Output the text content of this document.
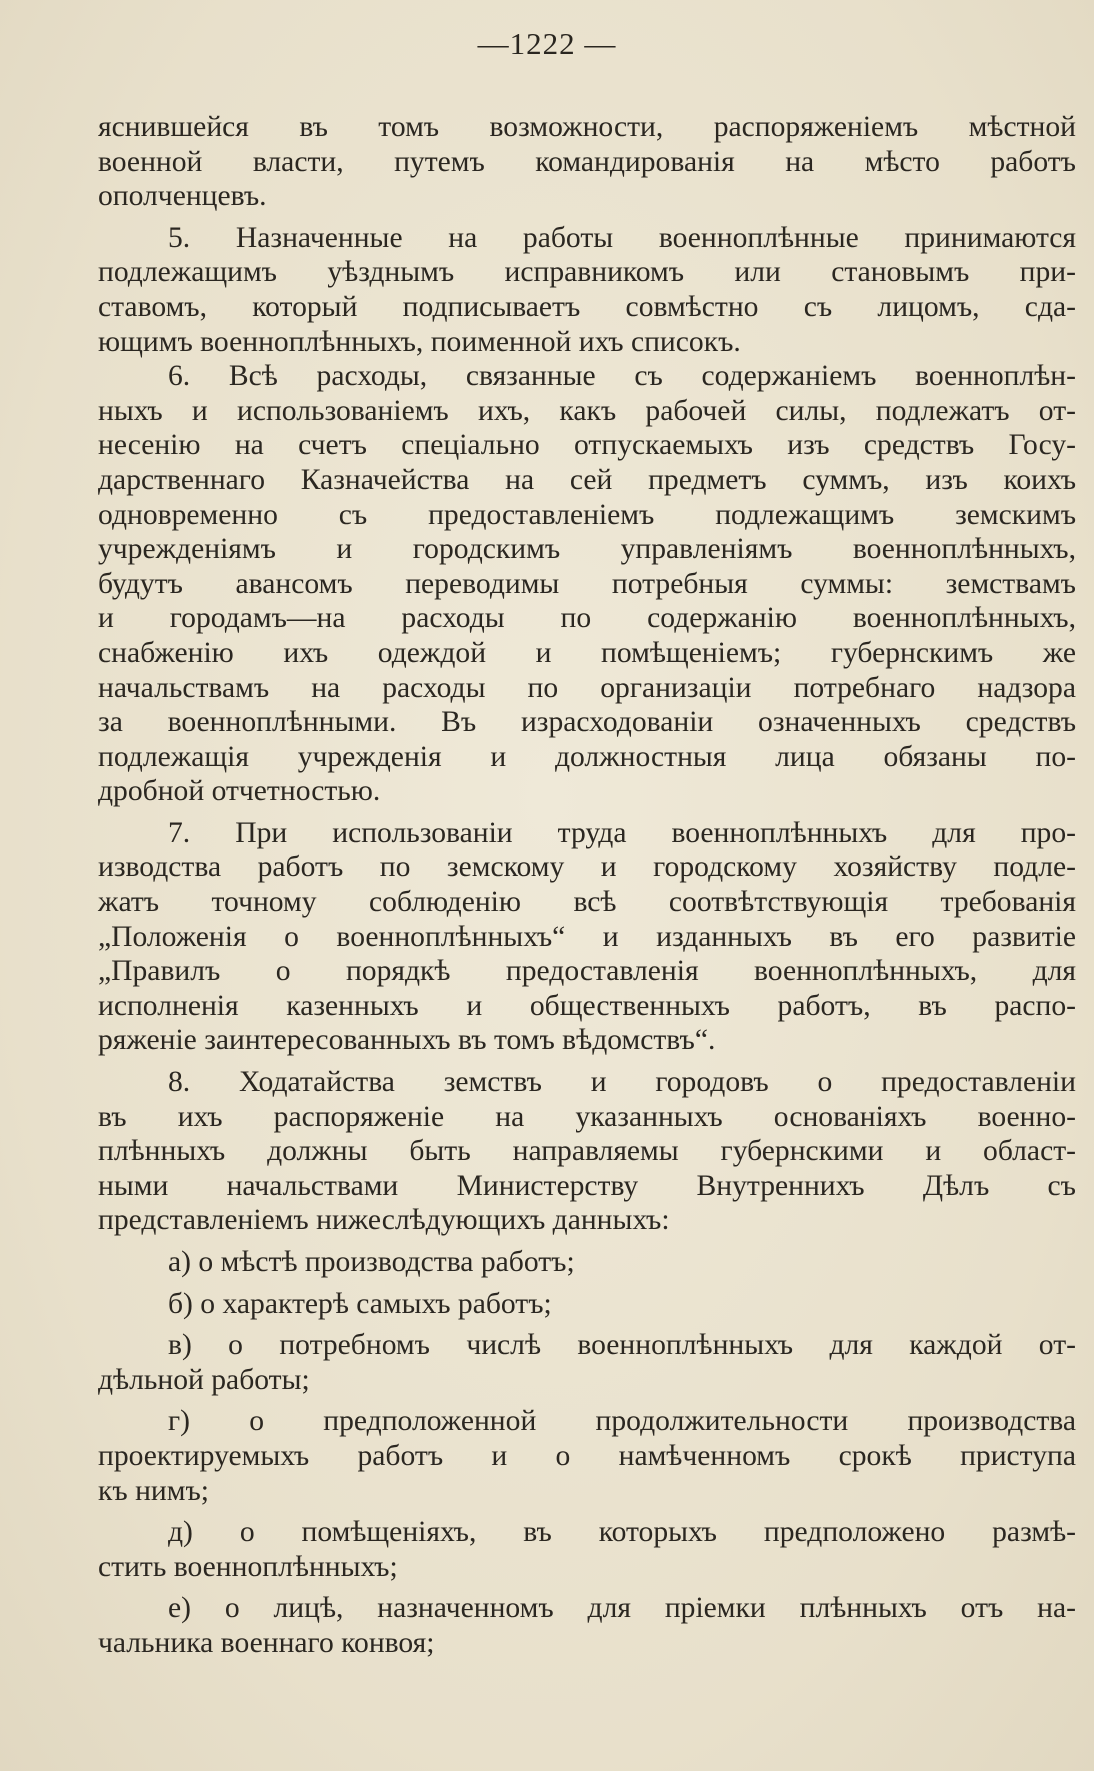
—1222 —
яснившейся въ томъ возможности, распоряженіемъ мѣстной
военной власти, путемъ командированія на мѣсто работъ
ополченцевъ.
5. Назначенные на работы военноплѣнные принимаются
подлежащимъ уѣзднымъ исправникомъ или становымъ при-
ставомъ, который подписываетъ совмѣстно съ лицомъ, сда-
ющимъ военноплѣнныхъ, поименной ихъ списокъ.
6. Всѣ расходы, связанные съ содержаніемъ военноплѣн-
ныхъ и использованіемъ ихъ, какъ рабочей силы, подлежатъ от-
несенію на счетъ спеціально отпускаемыхъ изъ средствъ Госу-
дарственнаго Казначейства на сей предметъ суммъ, изъ коихъ
одновременно съ предоставленіемъ подлежащимъ земскимъ
учрежденіямъ и городскимъ управленіямъ военноплѣнныхъ,
будутъ авансомъ переводимы потребныя суммы: земствамъ
и городамъ—на расходы по содержанію военноплѣнныхъ,
снабженію ихъ одеждой и помѣщеніемъ; губернскимъ же
начальствамъ на расходы по организаціи потребнаго надзора
за военноплѣнными. Въ израсходованіи означенныхъ средствъ
подлежащія учрежденія и должностныя лица обязаны по-
дробной отчетностью.
7. При использованіи труда военноплѣнныхъ для про-
изводства работъ по земскому и городскому хозяйству подле-
жатъ точному соблюденію всѣ соотвѣтствующія требованія
„Положенія о военноплѣнныхъ“ и изданныхъ въ его развитіе
„Правилъ о порядкѣ предоставленія военноплѣнныхъ, для
исполненія казенныхъ и общественныхъ работъ, въ распо-
ряженіе заинтересованныхъ въ томъ вѣдомствъ“.
8. Ходатайства земствъ и городовъ о предоставленіи
въ ихъ распоряженіе на указанныхъ основаніяхъ военно-
плѣнныхъ должны быть направляемы губернскими и област-
ными начальствами Министерству Внутреннихъ Дѣлъ съ
представленіемъ нижеслѣдующихъ данныхъ:
а) о мѣстѣ производства работъ;
б) о характерѣ самыхъ работъ;
в) о потребномъ числѣ военноплѣнныхъ для каждой от-
дѣльной работы;
г) о предположенной продолжительности производства
проектируемыхъ работъ и о намѣченномъ срокѣ приступа
къ нимъ;
д) о помѣщеніяхъ, въ которыхъ предположено размѣ-
стить военноплѣнныхъ;
е) о лицѣ, назначенномъ для пріемки плѣнныхъ отъ на-
чальника военнаго конвоя;
